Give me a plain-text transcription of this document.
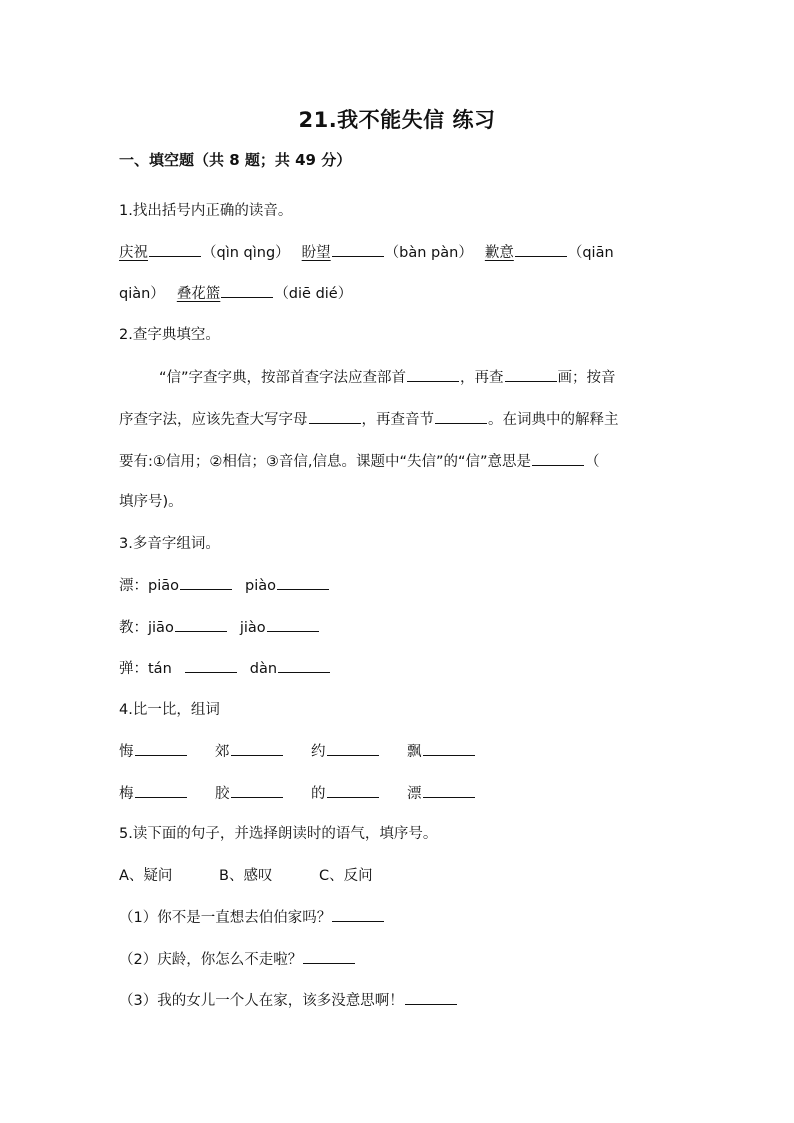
21.我不能失信 练习
一、填空题（共 8 题；共 49 分）
1.找出括号内正确的读音。
庆祝	（qìn qìng） 盼望	（bàn pàn） 歉意	（qiān
qiàn） 叠花篮	（diē dié）
2.查字典填空。
“信”字查字典，按部首查字法应查部首	，再查	画；按音
序查字法，应该先查大写字母	，再查音节	。在词典中的解释主
要有:①信用；②相信；③音信,信息。课题中“失信”的“信”意思是	（
填序号)。
3.多音字组词。
漂：piāo	piào
教：jiāo	jiào
弹：tán	dàn
4.比一比，组词
悔	郊	约	飘
梅	胶	的	漂
5.读下面的句子，并选择朗读时的语气，填序号。
A、疑问	B、感叹	C、反问
（1）你不是一直想去伯伯家吗？
（2）庆龄，你怎么不走啦？
（3）我的女儿一个人在家，该多没意思啊！
